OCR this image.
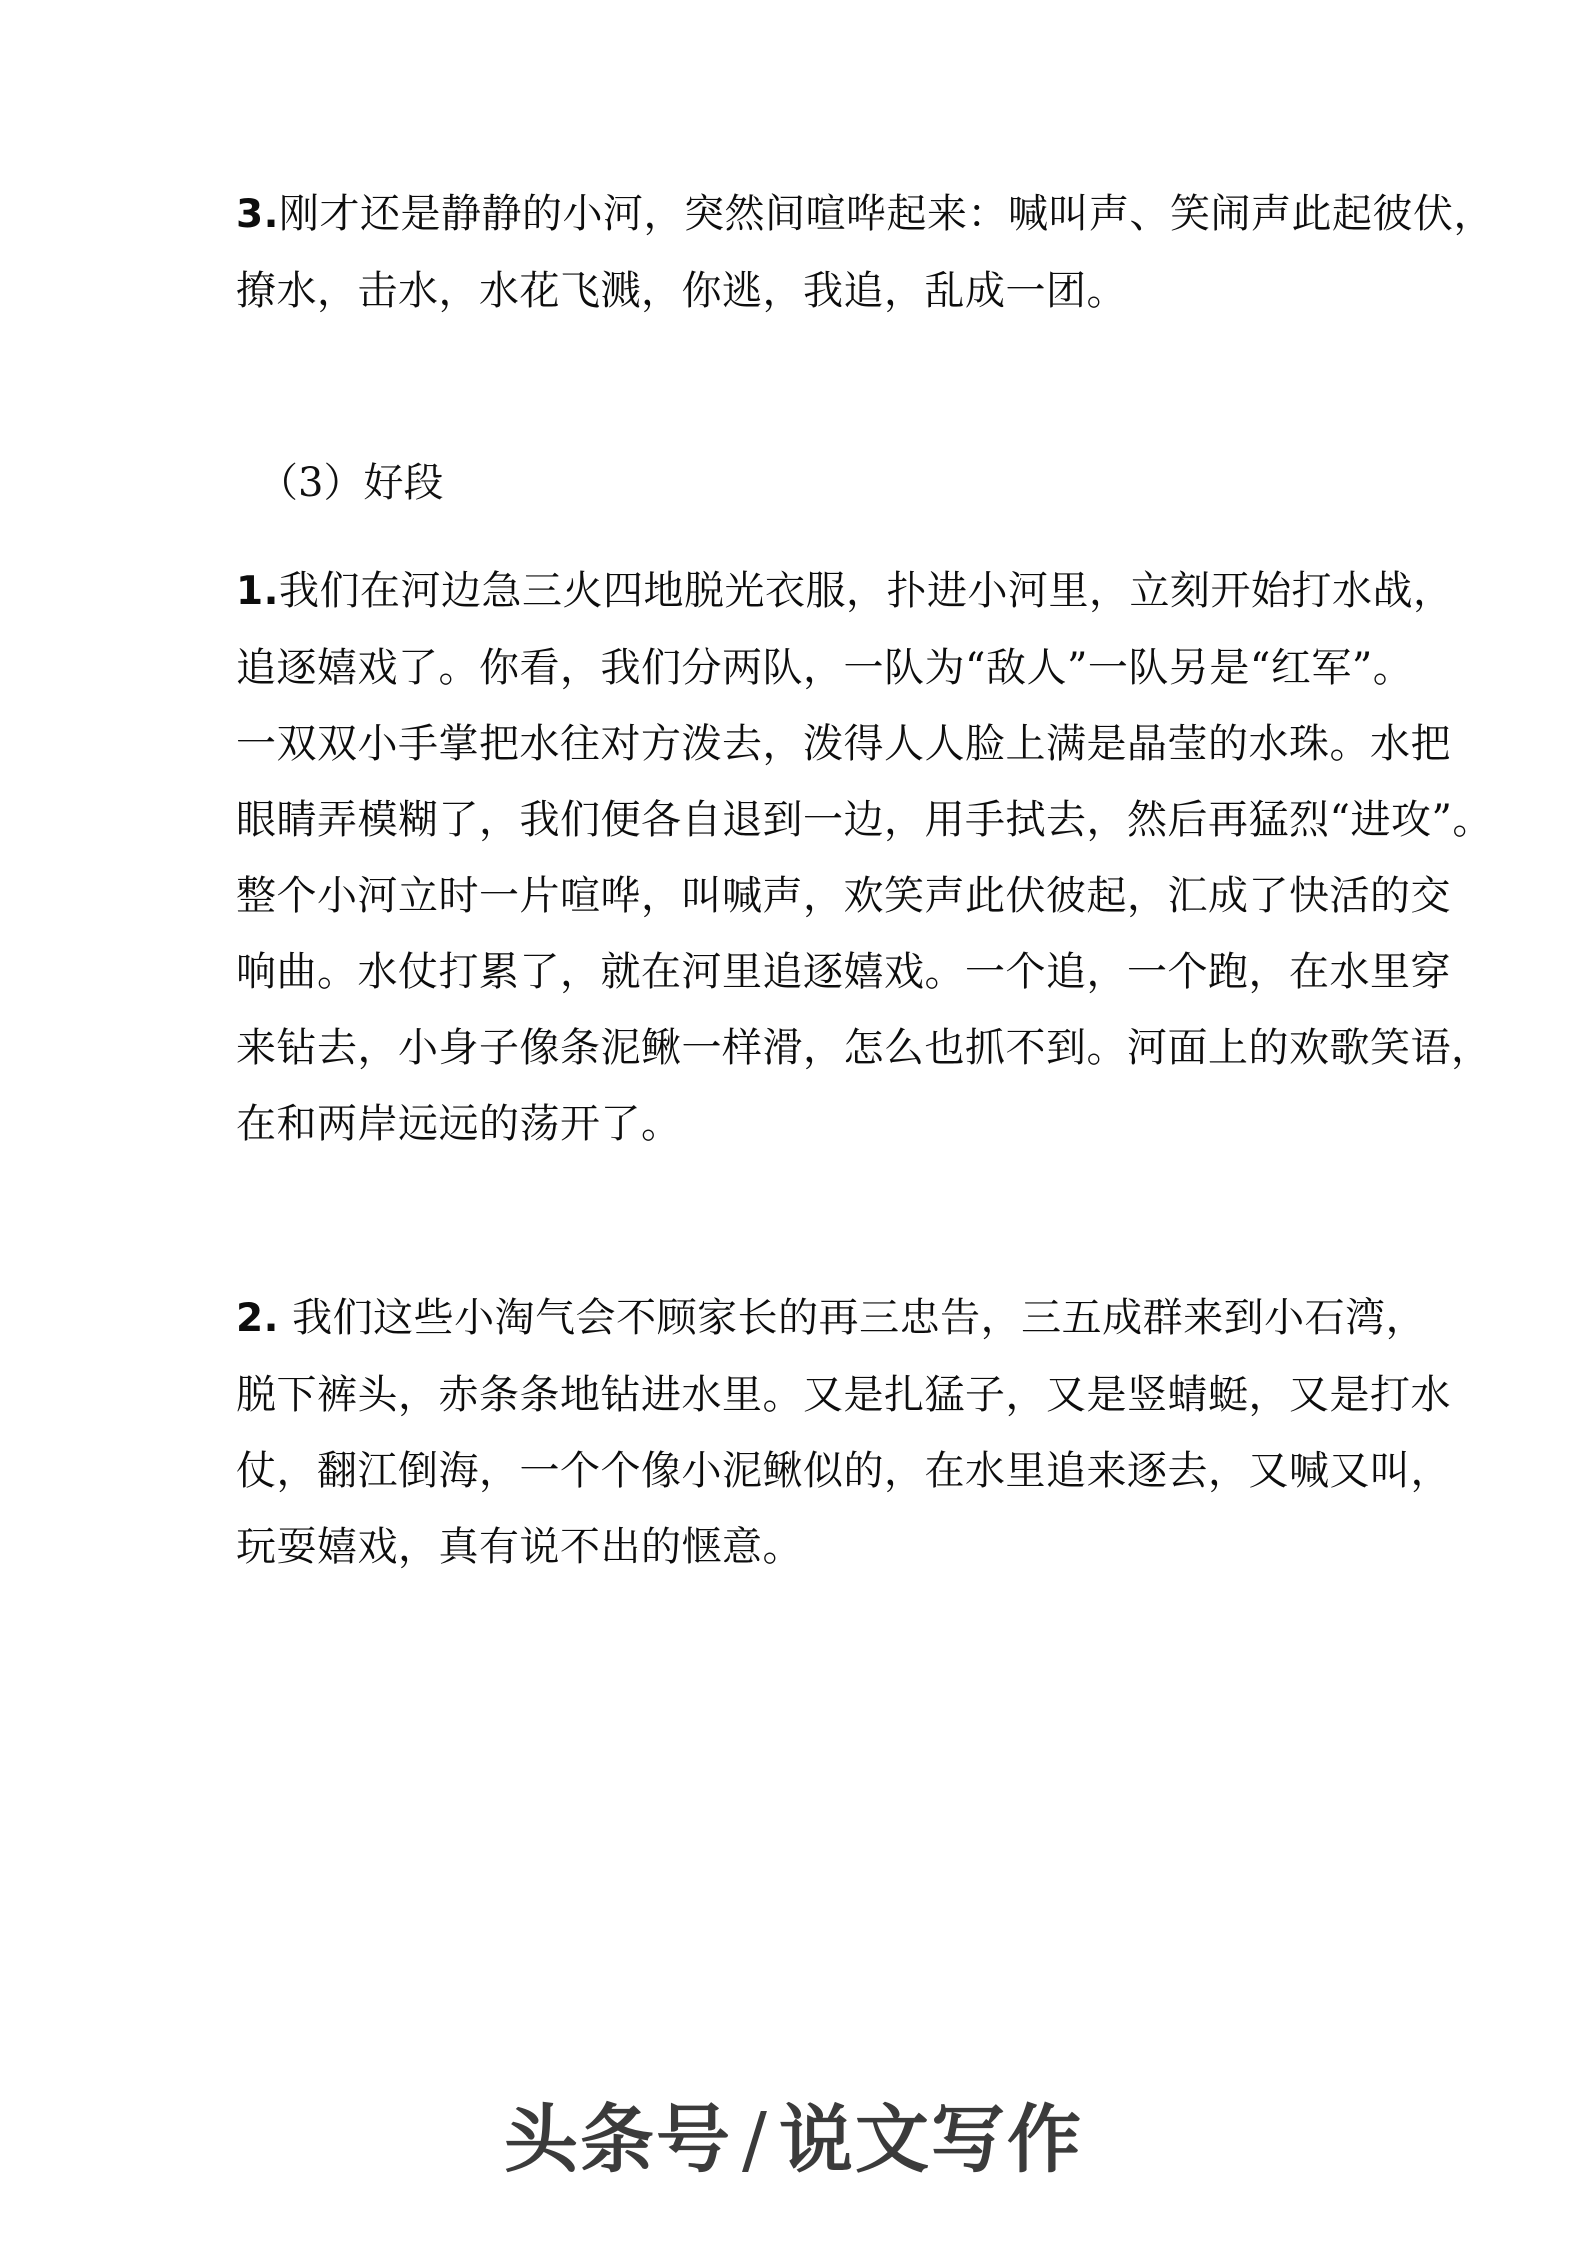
3.刚才还是静静的小河，突然间喧哗起来：喊叫声、笑闹声此起彼伏，
撩水，击水，水花飞溅，你逃，我追，乱成一团。
（3）好段
1.我们在河边急三火四地脱光衣服，扑进小河里，立刻开始打水战，
追逐嬉戏了。你看，我们分两队，一队为“敌人”一队另是“红军”。
一双双小手掌把水往对方泼去，泼得人人脸上满是晶莹的水珠。水把
眼睛弄模糊了，我们便各自退到一边，用手拭去，然后再猛烈“进攻”。
整个小河立时一片喧哗，叫喊声，欢笑声此伏彼起，汇成了快活的交
响曲。水仗打累了，就在河里追逐嬉戏。一个追，一个跑，在水里穿
来钻去，小身子像条泥鳅一样滑，怎么也抓不到。河面上的欢歌笑语，
在和两岸远远的荡开了。
2. 我们这些小淘气会不顾家长的再三忠告，三五成群来到小石湾，
脱下裤头，赤条条地钻进水里。又是扎猛子，又是竖蜻蜓，又是打水
仗，翻江倒海，一个个像小泥鳅似的，在水里追来逐去，又喊又叫，
玩耍嬉戏，真有说不出的惬意。
头条号 / 说文写作
